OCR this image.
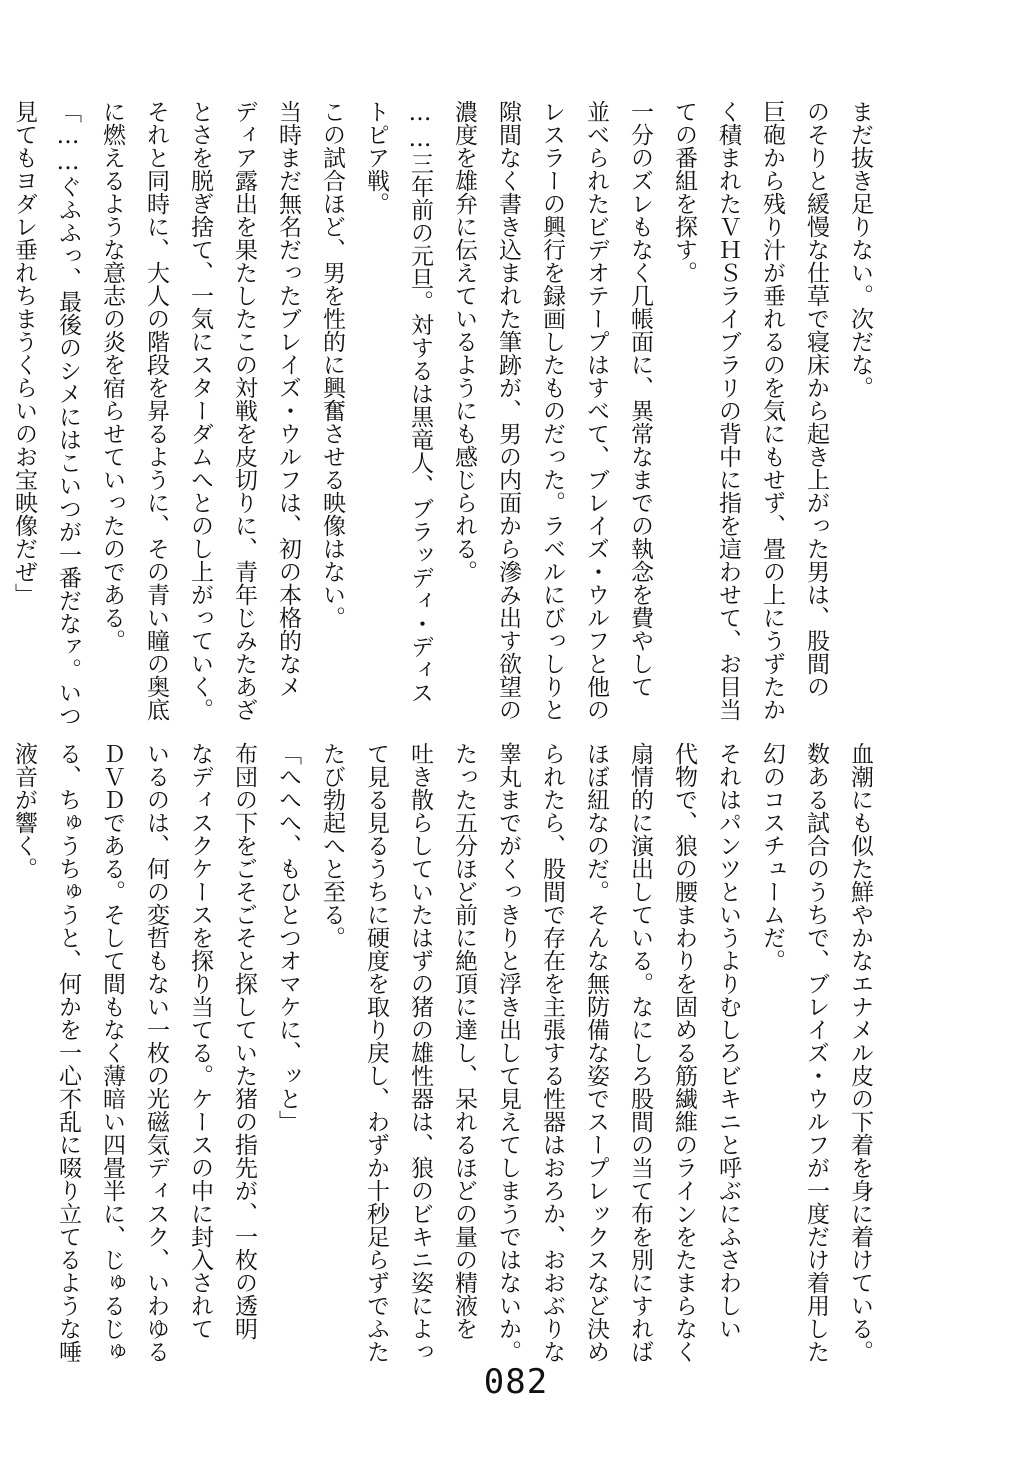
まだ抜き足りない。次だな。
のそりと緩慢な仕草で寝床から起き上がった男は、股間の
巨砲から残り汁が垂れるのを気にもせず、畳の上にうずたか
く積まれたＶＨＳライブラリの背中に指を這わせて、お目当
ての番組を探す。
一分のズレもなく几帳面に、異常なまでの執念を費やして
並べられたビデオテープはすべて、ブレイズ・ウルフと他の
レスラーの興行を録画したものだった。ラベルにびっしりと
隙間なく書き込まれた筆跡が、男の内面から滲み出す欲望の
濃度を雄弁に伝えているようにも感じられる。
……三年前の元旦。対するは黒竜人、ブラッディ・ディス
トピア戦。
この試合ほど、男を性的に興奮させる映像はない。
当時まだ無名だったブレイズ・ウルフは、初の本格的なメ
ディア露出を果たしたこの対戦を皮切りに、青年じみたあざ
とさを脱ぎ捨て、一気にスターダムへとのし上がっていく。
それと同時に、大人の階段を昇るように、その青い瞳の奥底
に燃えるような意志の炎を宿らせていったのである。
「……ぐふふっ、最後のシメにはこいつが一番だなァ。いつ
見てもヨダレ垂れちまうくらいのお宝映像だぜ」
血潮にも似た鮮やかなエナメル皮の下着を身に着けている。
数ある試合のうちで、ブレイズ・ウルフが一度だけ着用した
幻のコスチュームだ。
それはパンツというよりむしろビキニと呼ぶにふさわしい
代物で、狼の腰まわりを固める筋繊維のラインをたまらなく
扇情的に演出している。なにしろ股間の当て布を別にすれば
ほぼ紐なのだ。そんな無防備な姿でスープレックスなど決め
られたら、股間で存在を主張する性器はおろか、おおぶりな
睾丸までがくっきりと浮き出して見えてしまうではないか。
たった五分ほど前に絶頂に達し、呆れるほどの量の精液を
吐き散らしていたはずの猪の雄性器は、狼のビキニ姿によっ
て見る見るうちに硬度を取り戻し、わずか十秒足らずでふた
たび勃起へと至る。
「へへへ、もひとつオマケに、ッと」
布団の下をごそごそと探していた猪の指先が、一枚の透明
なディスクケースを探り当てる。ケースの中に封入されて
いるのは、何の変哲もない一枚の光磁気ディスク、いわゆる
ＤＶＤである。そして間もなく薄暗い四畳半に、じゅるじゅ
る、ちゅうちゅうと、何かを一心不乱に啜り立てるような唾
液音が響く。
082
